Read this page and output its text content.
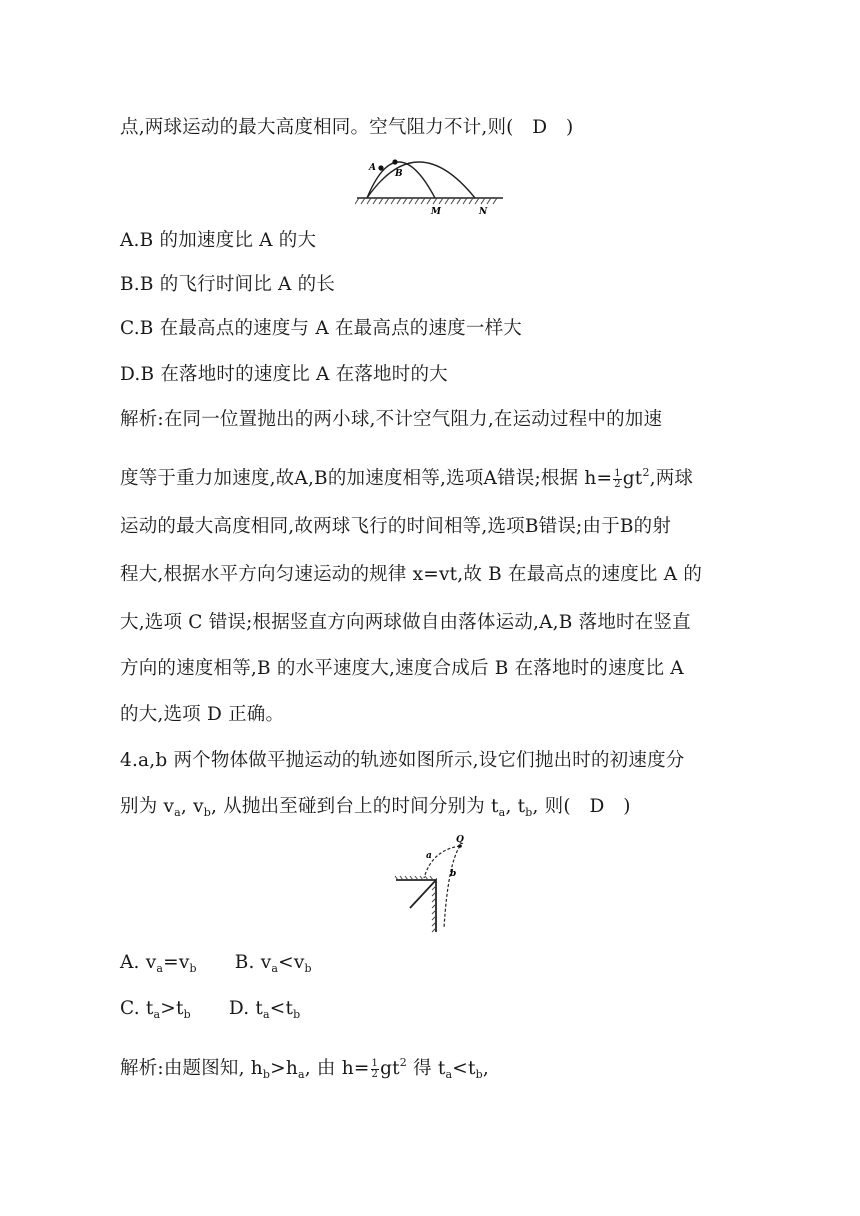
点,两球运动的最大高度相同。空气阻力不计,则(　D　)
A
B
M	N
A.B 的加速度比 A 的大
B.B 的飞行时间比 A 的长
C.B 在最高点的速度与 A 在最高点的速度一样大
D.B 在落地时的速度比 A 在落地时的大
解析:在同一位置抛出的两小球,不计空气阻力,在运动过程中的加速
度等于重力加速度,故A,B的加速度相等,选项A错误;根据 $h= \frac{1}{2} gt^2$,两球
运动的最大高度相同,故两球飞行的时间相等,选项B错误;由于B的射
程大,根据水平方向匀速运动的规律 x=vt,故 B 在最高点的速度比 A 的
大,选项 C 错误;根据竖直方向两球做自由落体运动,A,B 落地时在竖直
方向的速度相等,B 的水平速度大,速度合成后 B 在落地时的速度比 A
的大,选项 D 正确。
4.a,b 两个物体做平抛运动的轨迹如图所示,设它们抛出时的初速度分
别为 $v_a$, $v_b$, 从抛出至碰到台上的时间分别为 $t_a$, $t_b$, 则(　D　)
Q
a
b
A. $v_a=v_b$ B. $v_a<v_b$
C. $t_a>t_b$ D. $t_a<t_b$
解析:由题图知, $h_b>h_a$, 由 $h= \frac{1}{2} gt^2$ 得 $t_a<t_b$,
